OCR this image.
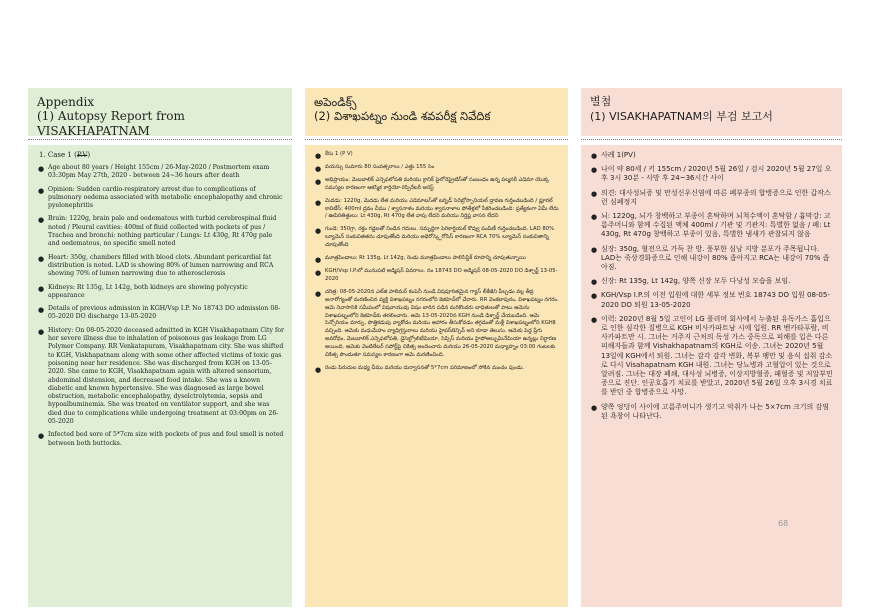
Appendix
(1) Autopsy Report from VISAKHAPATNAM
1. Case 1 (P.V)
● Age about 80 years / Height 155cm / 26-May-2020 / Postmortem exam 03:30pm May 27th, 2020 - between 24~36 hours after death
● Opinion: Sudden cardio-respiratory arrest due to complications of pulmonary oedema associated with metabolic encephalopathy and chronic pyelonephritis
● Brain: 1220g, brain pale and oedematous with turbid cerebrospinal fluid noted / Pleural cavities: 400ml of fluid collected with pockets of pus / Trachea and bronchi: nothing particular / Lungs: Lt 430g, Rt 470g pale and oedematous, no specific smell noted
● Heart: 350g, chambers filled with blood clots. Abundant pericardial fat distribution is noted. LAD is showing 80% of lumen narrowing and RCA showing 70% of lumen narrowing due to atherosclerosis
● Kidneys: Rt 135g, Lt 142g, both kidneys are showing polycystic appearance
● Details of previous admission in KGH/Vsp I.P. No 18743 DO admission 08-05-2020 DO discharge 13-05-2020
● History: On 08-05-2020 deceased admitted in KGH Visakhapatnam City for her severe illness due to inhalation of poisonous gas leakage from LG Polymer Company. RR Venkatapuram, Visakhapatnam city. She was shifted to KGH, Viskhapatnam along with some other affected victims of toxic gas poisoning near her residence. She was discharged from KGH on 13-05-2020. She came to KGH, Visakhapatnam again with altered sensorium, abdominal distension, and decreased food intake. She was a known diabetic and known hypertensive. She was diagnosed as large bowel obstruction, metabolic encephalopathy, dyselctrolytemia, sepsis and hypoalbuminemia. She was treated on ventilator support, and she was died due to complications while undergoing treatment at 03:00pm on 26-05-2020
● Infected bed sore of 5*7cm size with pockets of pus and foul smell is noted between both buttocks.
అపెండిక్స్
(2) విశాఖపట్నం నుండి శవపరీక్ష నివేదిక
● కేసు 1 (P V)
● వయస్సు సుమారు 80 సంవత్సరాలు / ఎత్తు 155 సెం
● అభిప్రాయం: మెటబాలిక్ ఎన్సెఫలోపతి మరియు క్రానిక్ పైలోనెఫ్రైటిస్‌తో సంబంధం ఉన్న పల్మనరీ ఎడెమా యొక్క సమస్యల కారణంగా ఆకస్మిక కార్డియో-రెస్పిరేటరీ అరెస్ట్
● మెదడు: 1220g, మెదడు లేత మరియు ఎడెమాటస్‌తో టర్బిడ్ సెరెబ్రోస్పానియల్ ద్రావణ గుర్తించబడింది / ప్లూరల్ కావిటీస్: 400ml ద్రవం చీము / శ్వాసనాళం మరియు శ్వాసనాళాల పోతేళ్లలో సేకరించబడింది: ప్రత్యేకంగా ఏమీ లేదు / ఊపిరితిత్తులు: Lt 430g, Rt 470g లేత వాపు లేదని మరియు నిర్దిష్ట వాసన లేదని
● గుండె: 350గ్రా, రక్తం గడ్డలతో నిండిన గదులు. సమృద్ధిగా పెరికార్డియల్ కొవ్వు పంపిణీ గుర్తించబడింది. LAD 80% ల్యూమెన్ సంకుచితతను చూపుతోంది మరియు అథెరోస్క్లెరోసిస్ కారణంగా RCA 70% ల్యూమెన్ సంకుచితాన్ని చూపుతోంది
● మూత్రపిండాలు: Rt 135g, Lt 142g, రెండు మూత్రపిండాలు పాలిసిస్టిక్ రూపాన్ని చూపుతున్నాయి
● KGH/Vsp I.P.లో మునుపటి అడ్మిషన్ వివరాలు. నం 18743 DO అడ్మిషన్ 08-05-2020 DO డిశ్చార్జ్ 13-05-2020
● చరిత్ర: 08-05-2020న ఎల్‌జి పాలిమర్ కంపెనీ నుండి విషపూరితమైన గ్యాస్ లీకేజీని పీల్చడం వల్ల తీవ్ర అనారోగ్యంతో మరణించిన వ్యక్తి విశాఖపట్నం నగరంలోని కెజిహెచ్‌లో చేరారు. RR వెంకటాపురం, విశాఖపట్నం నగరం. ఆమె నివాసానికి సమీపంలో విషవాయువు విషం బారిన పడిన మరికొందరు బాధితులతో పాటు ఆమెను విశాఖపట్నంలోని కెజిహెచ్‌కు తరలించారు. ఆమె 13-05-2020న KGH నుండి డిశ్చార్జ్ చేయబడింది. ఆమె సెన్సోరియం మార్పు, పొత్తికడుపు వ్యాకోచం మరియు ఆహారం తీసుకోవడం తగ్గడంతో మళ్లీ విశాఖపట్నంలోని KGHకి వచ్చింది. ఆమెకు మధుమేహం వ్యాధిగ్రస్తురాలు మరియు హైపర్‌టెన్సివ్ అని కూడా తెలుసు. ఆమెకు పెద్ద ప్రేగు అవరోధం, మెటబాలిక్ ఎన్సెఫలోపతి, డైసెల్ట్రోలిటేమియా, సెప్సిస్ మరియు హైపోఅల్బుమినేమియా ఉన్నట్లు నిర్ధారణ అయింది. ఆమెకు వెంటిలేటర్ సపోర్ట్‌పై చికిత్స అందించారు మరియు 26-05-2020 మధ్యాహ్నం 03:00 గంటలకు చికిత్స పొందుతూ సమస్యల కారణంగా ఆమె మరణించింది.
● రెండు పిరుదుల మధ్య చీము మరియు దుర్వాసనతో 5*7cm పరిమాణంలో సోకిన మంచం పుండు.
별첨
(1) VISAKHAPATNAM의 부검 보고서
● 사례 1(PV)
● 나이 약 80세 / 키 155cm / 2020년 5월 26일 / 검시 2020년 5월 27일 오후 3시 30분 - 사망 후 24~36시간 사이
● 의견: 대사성뇌증 및 만성신우신염에 따른 폐부종의 합병증으로 인한 갑작스런 심폐정지
● 뇌: 1220g, 뇌가 창백하고 부종이 혼탁하며 뇌척수액이 혼탁함 / 흉막강: 고름주머니와 함께 수집된 액체 400ml / 기관 및 기관지: 특별한 없음 / 폐: Lt 430g, Rt 470g 창백하고 부종이 있음, 특별한 냄새가 관찰되지 않음
● 심장: 350g, 혈전으로 가득 찬 방. 풍부한 심낭 지방 분포가 주목됩니다. LAD는 죽상경화증으로 인해 내강이 80% 좁아지고 RCA는 내강이 70% 좁아짐.
● 신장: Rt 135g, Lt 142g, 양쪽 신장 모두 다낭성 모습을 보임.
● KGH/Vsp I.P.의 이전 입원에 대한 세부 정보 번호 18743 DO 입원 08-05-2020 DO 퇴원 13-05-2020
● 이력: 2020년 8월 5일 고인이 LG 폴리머 회사에서 누출된 유독가스 흡입으로 인한 심각한 질병으로 KGH 비사카파트남 시에 입원. RR 벤카타푸람, 비사카파트만 시. 그녀는 거주지 근처의 독성 가스 중독으로 피해를 입은 다른 피해자들과 함께 Vishakhapatnam의 KGH로 이송. 그녀는 2020년 5월 13일에 KGH에서 퇴원. 그녀는 감각 감각 변화, 복부 팽만 및 음식 섭취 감소로 다시 Visahapatnam KGH 내원. 그녀는 당뇨병과 고혈압이 있는 것으로 알려짐. 그녀는 대장 폐쇄, 대사성 뇌병증, 이상지방혈증, 패혈증 및 저알부민증으로 진단. 인공호흡기 치료를 받았고, 2020년 5월 26일 오후 3시경 치료를 받던 중 합병증으로 사망.
● 양쪽 엉덩이 사이에 고름주머니가 생기고 악취가 나는 5×7cm 크기의 감염된 욕창이 나타난다.
68
